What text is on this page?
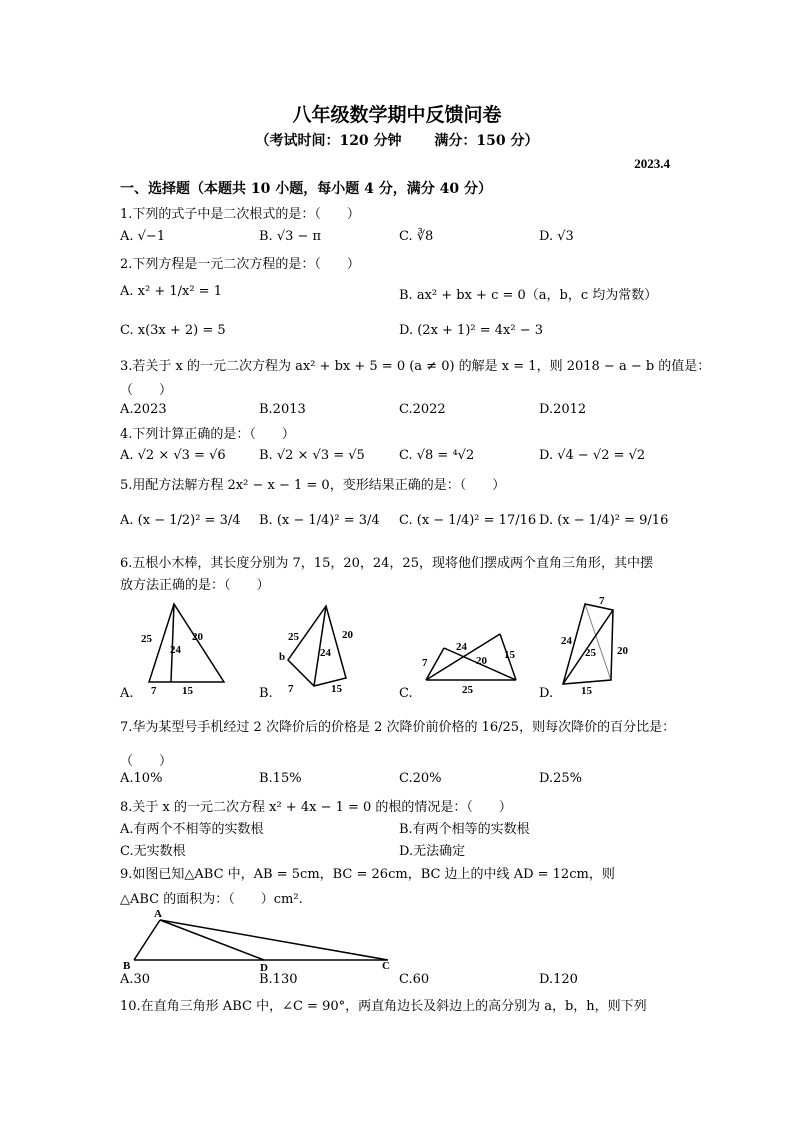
八年级数学期中反馈问卷
（考试时间：120 分钟　　 满分：150 分）
2023.4
一、选择题（本题共 10 小题，每小题 4 分，满分 40 分）
1.下列的式子中是二次根式的是：（　　）
A. √−1	B. √3 − π	C. ∛8	D. √3
2.下列方程是一元二次方程的是：（　　）
A. x² + 1/x² = 1	B. ax² + bx + c = 0（a，b，c 均为常数）
C. x(3x + 2) = 5	D. (2x + 1)² = 4x² − 3
3.若关于 x 的一元二次方程为 ax² + bx + 5 = 0 (a ≠ 0) 的解是 x = 1，则 2018 − a − b 的值是：
（　　）
A.2023	B.2013	C.2022	D.2012
4.下列计算正确的是：（　　）
A. √2 × √3 = √6	B. √2 × √3 = √5	C. √8 = ⁴√2	D. √4 − √2 = √2
5.用配方法解方程 2x² − x − 1 = 0，变形结果正确的是：（　　）
A. (x − 1/2)² = 3/4 B. (x − 1/4)² = 3/4 C. (x − 1/4)² = 17/16 D. (x − 1/4)² = 9/16
6.五根小木棒，其长度分别为 7，15，20，24，25，现将他们摆成两个直角三角形，其中摆
放方法正确的是：（　　）
25	20
24
7 15
A.
25	20
24
b
7	15
B.
24
20 15
7
25
C.
7
24
25 20
15
D.
7.华为某型号手机经过 2 次降价后的价格是 2 次降价前价格的 16/25，则每次降价的百分比是：
（　　）
A.10%	B.15%	C.20%	D.25%
8.关于 x 的一元二次方程 x² + 4x − 1 = 0 的根的情况是：（　　）
A.有两个不相等的实数根	B.有两个相等的实数根
C.无实数根	D.无法确定
9.如图已知△ABC 中，AB = 5cm，BC = 26cm，BC 边上的中线 AD = 12cm，则
△ABC 的面积为：（　　）cm².
A
B	D	C
A.30	B.130	C.60	D.120
10.在直角三角形 ABC 中，∠C = 90°，两直角边长及斜边上的高分别为 a，b，h，则下列
